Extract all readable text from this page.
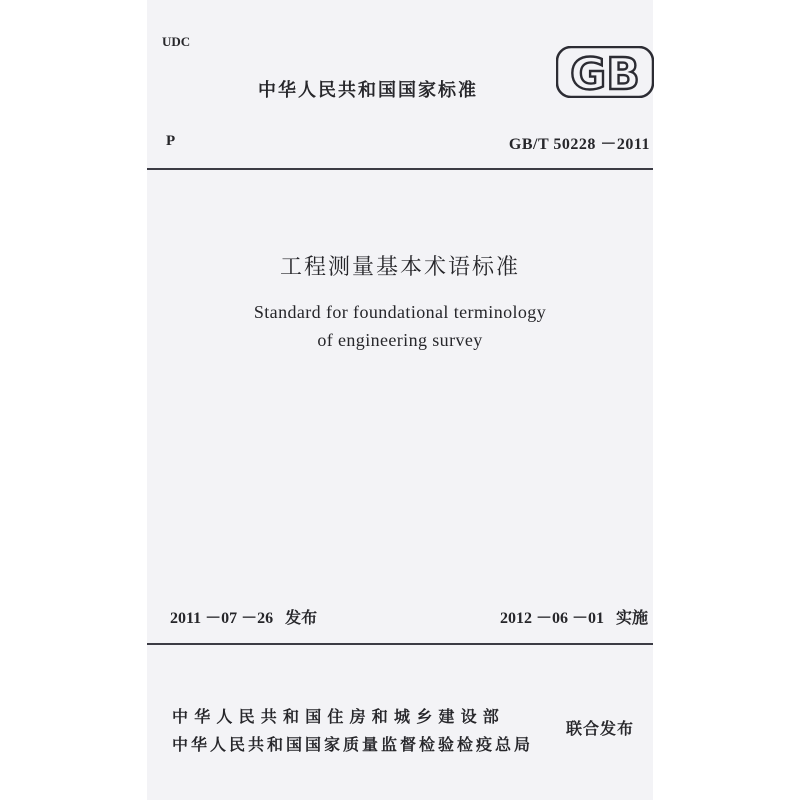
UDC
中华人民共和国国家标准 GB
P	GB/T 50228 －2011
工程测量基本术语标准
Standard for foundational terminology
of engineering survey
2011 －07 －26   发布	2012 －06 －01   实施
中华人民共和国住房和城乡建设部
中华人民共和国国家质量监督检验检疫总局
联合发布
